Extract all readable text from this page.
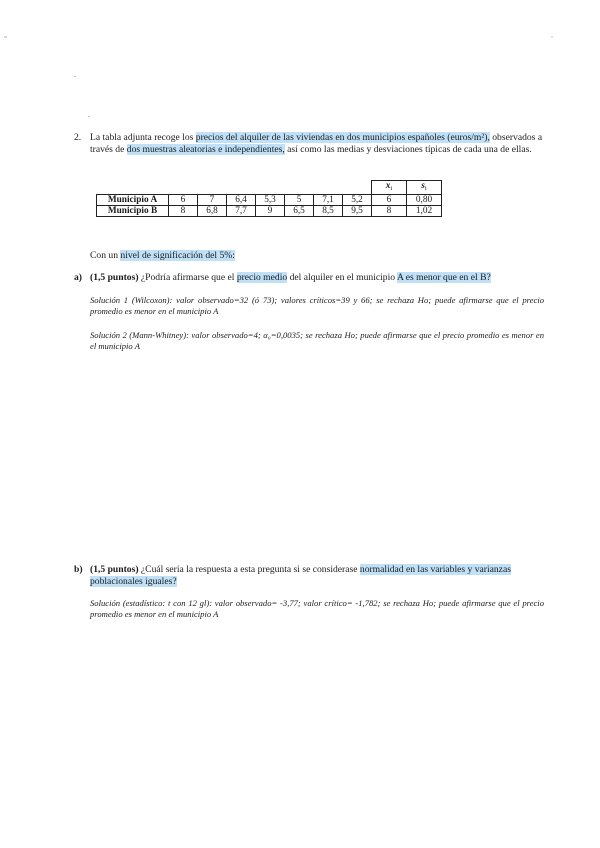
2. La tabla adjunta recoge los precios del alquiler de las viviendas en dos municipios españoles (euros/m²), observados a través de dos muestras aleatorias e independientes, así como las medias y desviaciones típicas de cada una de ellas.
								$\overline{x}_i$	$s_i$
Municipio A	6	7	6,4	5,3	5	7,1	5,2	6	0,80
Municipio B	8	6,8	7,7	9	6,5	8,5	9,5	8	1,02
Con un nivel de significación del 5%:
a) (1,5 puntos) ¿Podría afirmarse que el precio medio del alquiler en el municipio A es menor que en el B?
Solución 1 (Wilcoxon): valor observado=32 (ó 73); valores críticos=39 y 66; se rechaza Ho; puede afirmarse que el precio promedio es menor en el municipio A
Solución 2 (Mann-Whitney): valor observado=4; α₀=0,0035; se rechaza Ho; puede afirmarse que el precio promedio es menor en el municipio A
b) (1,5 puntos) ¿Cuál sería la respuesta a esta pregunta si se considerase normalidad en las variables y varianzas poblacionales iguales?
Solución (estadístico: t con 12 gl): valor observado= -3,77; valor crítico= -1,782; se rechaza Ho; puede afirmarse que el precio promedio es menor en el municipio A
